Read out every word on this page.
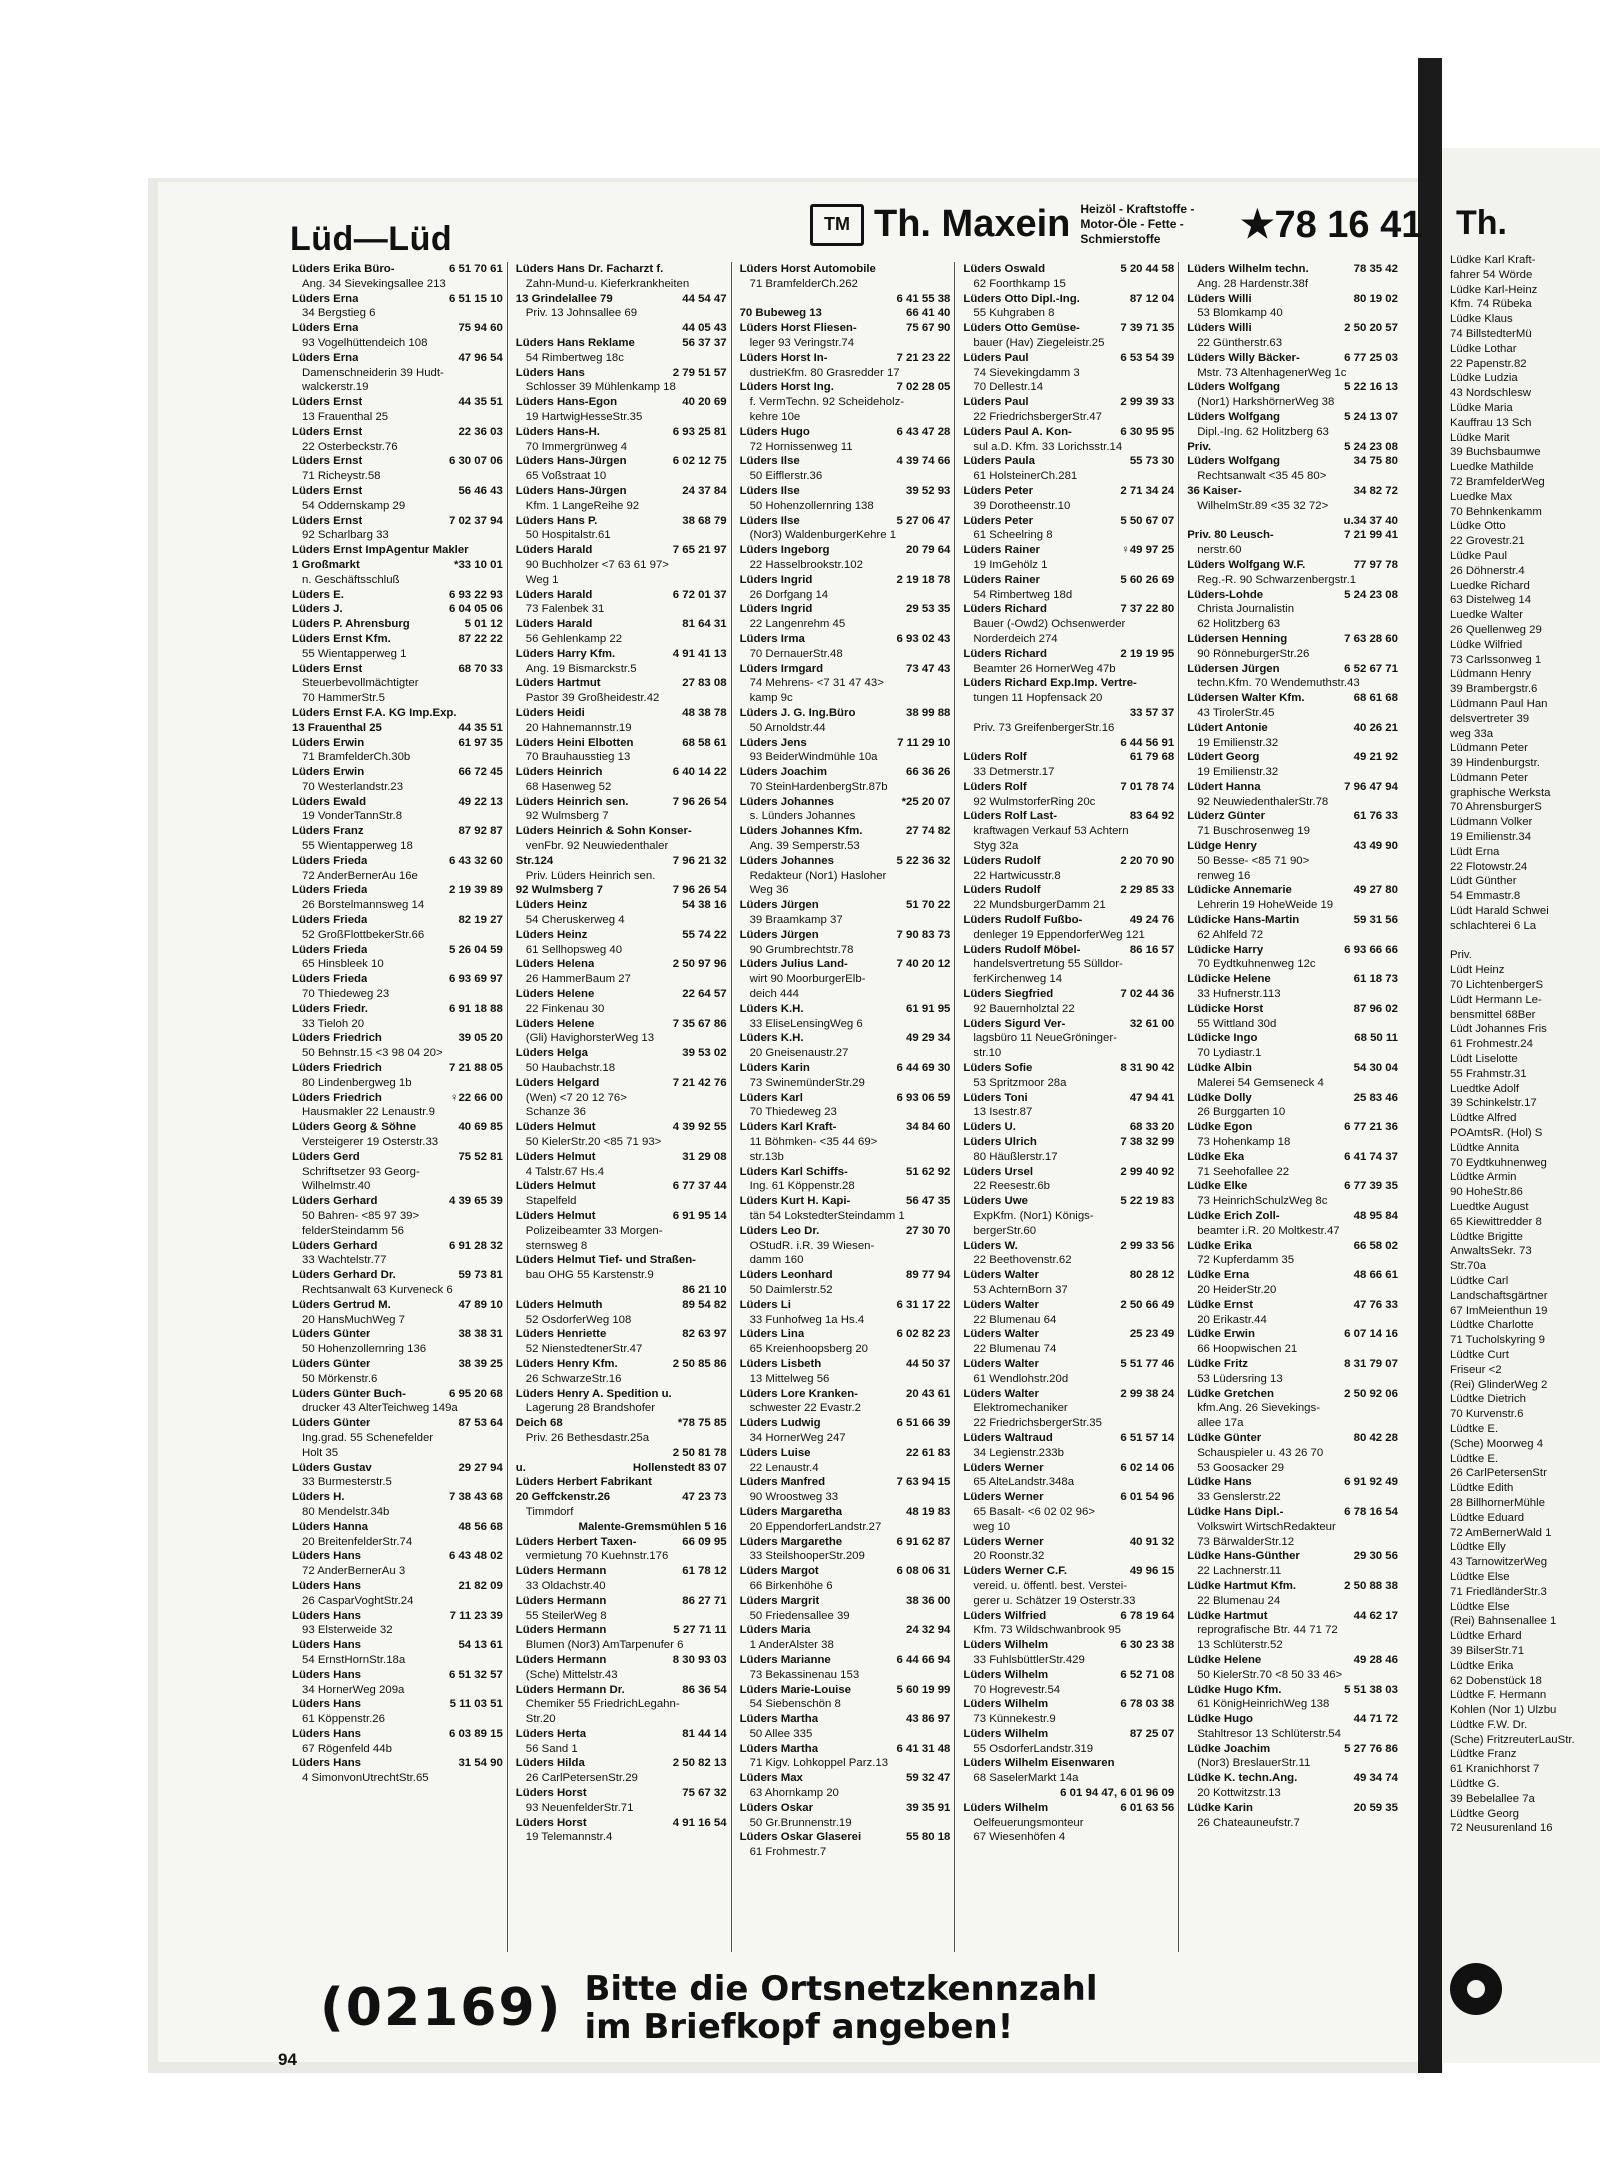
Lüd—Lüd	TM Th. Maxein Heizöl - Kraftstoffe - Motor-Öle - Fette - Schmierstoffe	★78 16 41
Lüders Erika Büro-	6 51 70 61
Ang. 34 Sievekingsallee 213
Lüders Erna	6 51 15 10
34 Bergstieg 6
Lüders Erna	75 94 60
93 Vogelhüttendeich 108
Lüders Erna	47 96 54
Damenschneiderin 39 Hudt-
walckerstr.19
Lüders Ernst	44 35 51
13 Frauenthal 25
Lüders Ernst	22 36 03
22 Osterbeckstr.76
Lüders Ernst	6 30 07 06
71 Richeystr.58
Lüders Ernst	56 46 43
54 Oddernskamp 29
Lüders Ernst	7 02 37 94
92 Scharlbarg 33
Lüders Ernst ImpAgentur Makler
1 Großmarkt	*33 10 01
n. Geschäftsschluß
Lüders E.	6 93 22 93
Lüders J.	6 04 05 06
Lüders P. Ahrensburg	5 01 12
Lüders Ernst Kfm.	87 22 22
55 Wientapperweg 1
Lüders Ernst	68 70 33
Steuerbevollmächtigter
70 HammerStr.5
Lüders Ernst F.A. KG Imp.Exp.
13 Frauenthal 25	44 35 51
Lüders Erwin	61 97 35
71 BramfelderCh.30b
Lüders Erwin	66 72 45
70 Westerlandstr.23
Lüders Ewald	49 22 13
19 VonderTannStr.8
Lüders Franz	87 92 87
55 Wientapperweg 18
Lüders Frieda	6 43 32 60
72 AnderBernerAu 16e
Lüders Frieda	2 19 39 89
26 Borstelmannsweg 14
Lüders Frieda	82 19 27
52 GroßFlottbekerStr.66
Lüders Frieda	5 26 04 59
65 Hinsbleek 10
Lüders Frieda	6 93 69 97
70 Thiedeweg 23
Lüders Friedr.	6 91 18 88
33 Tieloh 20
Lüders Friedrich	39 05 20
50 Behnstr.15 <3 98 04 20>
Lüders Friedrich	7 21 88 05
80 Lindenbergweg 1b
Lüders Friedrich	♀22 66 00
Hausmakler 22 Lenaustr.9
Lüders Georg & Söhne	40 69 85
Versteigerer 19 Osterstr.33
Lüders Gerd	75 52 81
Schriftsetzer 93 Georg-
Wilhelmstr.40
Lüders Gerhard	4 39 65 39
50 Bahren- <85 97 39>
felderSteindamm 56
Lüders Gerhard	6 91 28 32
33 Wachtelstr.77
Lüders Gerhard Dr.	59 73 81
Rechtsanwalt 63 Kurveneck 6
Lüders Gertrud M.	47 89 10
20 HansMuchWeg 7
Lüders Günter	38 38 31
50 Hohenzollernring 136
Lüders Günter	38 39 25
50 Mörkenstr.6
Lüders Günter Buch-	6 95 20 68
drucker 43 AlterTeichweg 149a
Lüders Günter	87 53 64
Ing.grad. 55 Schenefelder
Holt 35
Lüders Gustav	29 27 94
33 Burmesterstr.5
Lüders H.	7 38 43 68
80 Mendelstr.34b
Lüders Hanna	48 56 68
20 BreitenfelderStr.74
Lüders Hans	6 43 48 02
72 AnderBernerAu 3
Lüders Hans	21 82 09
26 CasparVoghtStr.24
Lüders Hans	7 11 23 39
93 Elsterweide 32
Lüders Hans	54 13 61
54 ErnstHornStr.18a
Lüders Hans	6 51 32 57
34 HornerWeg 209a
Lüders Hans	5 11 03 51
61 Köppenstr.26
Lüders Hans	6 03 89 15
67 Rögenfeld 44b
Lüders Hans	31 54 90
4 SimonvonUtrechtStr.65
Lüders Hans Dr. Facharzt f.
Zahn-Mund-u. Kieferkrankheiten
13 Grindelallee 79	44 54 47
Priv. 13 Johnsallee 69
44 05 43
Lüders Hans Reklame	56 37 37
54 Rimbertweg 18c
Lüders Hans	2 79 51 57
Schlosser 39 Mühlenkamp 18
Lüders Hans-Egon	40 20 69
19 HartwigHesseStr.35
Lüders Hans-H.	6 93 25 81
70 Immergrünweg 4
Lüders Hans-Jürgen	6 02 12 75
65 Voßstraat 10
Lüders Hans-Jürgen	24 37 84
Kfm. 1 LangeReihe 92
Lüders Hans P.	38 68 79
50 Hospitalstr.61
Lüders Harald	7 65 21 97
90 Buchholzer <7 63 61 97>
Weg 1
Lüders Harald	6 72 01 37
73 Falenbek 31
Lüders Harald	81 64 31
56 Gehlenkamp 22
Lüders Harry Kfm.	4 91 41 13
Ang. 19 Bismarckstr.5
Lüders Hartmut	27 83 08
Pastor 39 Großheidestr.42
Lüders Heidi	48 38 78
20 Hahnemannstr.19
Lüders Heini Elbotten	68 58 61
70 Brauhausstieg 13
Lüders Heinrich	6 40 14 22
68 Hasenweg 52
Lüders Heinrich sen.	7 96 26 54
92 Wulmsberg 7
Lüders Heinrich & Sohn Konser-
venFbr. 92 Neuwiedenthaler
Str.124	7 96 21 32
Priv. Lüders Heinrich sen.
92 Wulmsberg 7	7 96 26 54
Lüders Heinz	54 38 16
54 Cheruskerweg 4
Lüders Heinz	55 74 22
61 Sellhopsweg 40
Lüders Helena	2 50 97 96
26 HammerBaum 27
Lüders Helene	22 64 57
22 Finkenau 30
Lüders Helene	7 35 67 86
(Gli) HavighorsterWeg 13
Lüders Helga	39 53 02
50 Haubachstr.18
Lüders Helgard	7 21 42 76
(Wen) <7 20 12 76>
Schanze 36
Lüders Helmut	4 39 92 55
50 KielerStr.20 <85 71 93>
Lüders Helmut	31 29 08
4 Talstr.67 Hs.4
Lüders Helmut	6 77 37 44
Stapelfeld
Lüders Helmut	6 91 95 14
Polizeibeamter 33 Morgen-
sternsweg 8
Lüders Helmut Tief- und Straßen-
bau OHG 55 Karstenstr.9
86 21 10
Lüders Helmuth	89 54 82
52 OsdorferWeg 108
Lüders Henriette	82 63 97
52 NienstedtenerStr.47
Lüders Henry Kfm.	2 50 85 86
26 SchwarzeStr.16
Lüders Henry A. Spedition u.
Lagerung 28 Brandshofer
Deich 68	*78 75 85
Priv. 26 Bethesdastr.25a
2 50 81 78
u.	Hollenstedt 83 07
Lüders Herbert Fabrikant
20 Geffckenstr.26	47 23 73
Timmdorf
Malente-Gremsmühlen 5 16
Lüders Herbert Taxen-	66 09 95
vermietung 70 Kuehnstr.176
Lüders Hermann	61 78 12
33 Oldachstr.40
Lüders Hermann	86 27 71
55 SteilerWeg 8
Lüders Hermann	5 27 71 11
Blumen (Nor3) AmTarpenufer 6
Lüders Hermann	8 30 93 03
(Sche) Mittelstr.43
Lüders Hermann Dr.	86 36 54
Chemiker 55 FriedrichLegahn-
Str.20
Lüders Herta	81 44 14
56 Sand 1
Lüders Hilda	2 50 82 13
26 CarlPetersenStr.29
Lüders Horst	75 67 32
93 NeuenfelderStr.71
Lüders Horst	4 91 16 54
19 Telemannstr.4
Lüders Horst Automobile
71 BramfelderCh.262
6 41 55 38
70 Bubeweg 13	66 41 40
Lüders Horst Fliesen-	75 67 90
leger 93 Veringstr.74
Lüders Horst In-	7 21 23 22
dustrieKfm. 80 Grasredder 17
Lüders Horst Ing.	7 02 28 05
f. VermTechn. 92 Scheideholz-
kehre 10e
Lüders Hugo	6 43 47 28
72 Hornissenweg 11
Lüders Ilse	4 39 74 66
50 Eifflerstr.36
Lüders Ilse	39 52 93
50 Hohenzollernring 138
Lüders Ilse	5 27 06 47
(Nor3) WaldenburgerKehre 1
Lüders Ingeborg	20 79 64
22 Hasselbrookstr.102
Lüders Ingrid	2 19 18 78
26 Dorfgang 14
Lüders Ingrid	29 53 35
22 Langenrehm 45
Lüders Irma	6 93 02 43
70 DernauerStr.48
Lüders Irmgard	73 47 43
74 Mehrens- <7 31 47 43>
kamp 9c
Lüders J. G. Ing.Büro	38 99 88
50 Arnoldstr.44
Lüders Jens	7 11 29 10
93 BeiderWindmühle 10a
Lüders Joachim	66 36 26
70 SteinHardenbergStr.87b
Lüders Johannes	*25 20 07
s. Lünders Johannes
Lüders Johannes Kfm.	27 74 82
Ang. 39 Semperstr.53
Lüders Johannes	5 22 36 32
Redakteur (Nor1) Hasloher
Weg 36
Lüders Jürgen	51 70 22
39 Braamkamp 37
Lüders Jürgen	7 90 83 73
90 Grumbrechtstr.78
Lüders Julius Land-	7 40 20 12
wirt 90 MoorburgerElb-
deich 444
Lüders K.H.	61 91 95
33 EliseLensingWeg 6
Lüders K.H.	49 29 34
20 Gneisenaustr.27
Lüders Karin	6 44 69 30
73 SwinemünderStr.29
Lüders Karl	6 93 06 59
70 Thiedeweg 23
Lüders Karl Kraft-	34 84 60
11 Böhmken- <35 44 69>
str.13b
Lüders Karl Schiffs-	51 62 92
Ing. 61 Köppenstr.28
Lüders Kurt H. Kapi-	56 47 35
tän 54 LokstedterSteindamm 1
Lüders Leo Dr.	27 30 70
OStudR. i.R. 39 Wiesen-
damm 160
Lüders Leonhard	89 77 94
50 Daimlerstr.52
Lüders Li	6 31 17 22
33 Funhofweg 1a Hs.4
Lüders Lina	6 02 82 23
65 Kreienhoopsberg 20
Lüders Lisbeth	44 50 37
13 Mittelweg 56
Lüders Lore Kranken-	20 43 61
schwester 22 Evastr.2
Lüders Ludwig	6 51 66 39
34 HornerWeg 247
Lüders Luise	22 61 83
22 Lenaustr.4
Lüders Manfred	7 63 94 15
90 Wroostweg 33
Lüders Margaretha	48 19 83
20 EppendorferLandstr.27
Lüders Margarethe	6 91 62 87
33 SteilshooperStr.209
Lüders Margot	6 08 06 31
66 Birkenhöhe 6
Lüders Margrit	38 36 00
50 Friedensallee 39
Lüders Maria	24 32 94
1 AnderAlster 38
Lüders Marianne	6 44 66 94
73 Bekassinenau 153
Lüders Marie-Louise	5 60 19 99
54 Siebenschön 8
Lüders Martha	43 86 97
50 Allee 335
Lüders Martha	6 41 31 48
71 Kigv. Lohkoppel Parz.13
Lüders Max	59 32 47
63 Ahornkamp 20
Lüders Oskar	39 35 91
50 Gr.Brunnenstr.19
Lüders Oskar Glaserei	55 80 18
61 Frohmestr.7
Lüders Oswald	5 20 44 58
62 Foorthkamp 15
Lüders Otto Dipl.-Ing.	87 12 04
55 Kuhgraben 8
Lüders Otto Gemüse-	7 39 71 35
bauer (Hav) Ziegeleistr.25
Lüders Paul	6 53 54 39
74 Sievekingdamm 3
70 Dellestr.14
Lüders Paul	2 99 39 33
22 FriedrichsbergerStr.47
Lüders Paul A. Kon-	6 30 95 95
sul a.D. Kfm. 33 Lorichsstr.14
Lüders Paula	55 73 30
61 HolsteinerCh.281
Lüders Peter	2 71 34 24
39 Dorotheenstr.10
Lüders Peter	5 50 67 07
61 Scheelring 8
Lüders Rainer	♀49 97 25
19 ImGehölz 1
Lüders Rainer	5 60 26 69
54 Rimbertweg 18d
Lüders Richard	7 37 22 80
Bauer (-Owd2) Ochsenwerder
Norderdeich 274
Lüders Richard	2 19 19 95
Beamter 26 HornerWeg 47b
Lüders Richard Exp.Imp. Vertre-
tungen 11 Hopfensack 20
33 57 37
Priv. 73 GreifenbergerStr.16
6 44 56 91
Lüders Rolf	61 79 68
33 Detmerstr.17
Lüders Rolf	7 01 78 74
92 WulmstorferRing 20c
Lüders Rolf Last-	83 64 92
kraftwagen Verkauf 53 Achtern
Styg 32a
Lüders Rudolf	2 20 70 90
22 Hartwicusstr.8
Lüders Rudolf	2 29 85 33
22 MundsburgerDamm 21
Lüders Rudolf Fußbo-	49 24 76
denleger 19 EppendorferWeg 121
Lüders Rudolf Möbel-	86 16 57
handelsvertretung 55 Sülldor-
ferKirchenweg 14
Lüders Siegfried	7 02 44 36
92 Bauernholztal 22
Lüders Sigurd Ver-	32 61 00
lagsbüro 11 NeueGröninger-
str.10
Lüders Sofie	8 31 90 42
53 Spritzmoor 28a
Lüders Toni	47 94 41
13 Isestr.87
Lüders U.	68 33 20
Lüders Ulrich	7 38 32 99
80 Häußlerstr.17
Lüders Ursel	2 99 40 92
22 Reesestr.6b
Lüders Uwe	5 22 19 83
ExpKfm. (Nor1) Königs-
bergerStr.60
Lüders W.	2 99 33 56
22 Beethovenstr.62
Lüders Walter	80 28 12
53 AchternBorn 37
Lüders Walter	2 50 66 49
22 Blumenau 64
Lüders Walter	25 23 49
22 Blumenau 74
Lüders Walter	5 51 77 46
61 Wendlohstr.20d
Lüders Walter	2 99 38 24
Elektromechaniker
22 FriedrichsbergerStr.35
Lüders Waltraud	6 51 57 14
34 Legienstr.233b
Lüders Werner	6 02 14 06
65 AlteLandstr.348a
Lüders Werner	6 01 54 96
65 Basalt- <6 02 02 96>
weg 10
Lüders Werner	40 91 32
20 Roonstr.32
Lüders Werner C.F.	49 96 15
vereid. u. öffentl. best. Verstei-
gerer u. Schätzer 19 Osterstr.33
Lüders Wilfried	6 78 19 64
Kfm. 73 Wildschwanbrook 95
Lüders Wilhelm	6 30 23 38
33 FuhlsbüttlerStr.429
Lüders Wilhelm	6 52 71 08
70 Hogrevestr.54
Lüders Wilhelm	6 78 03 38
73 Künnekestr.9
Lüders Wilhelm	87 25 07
55 OsdorferLandstr.319
Lüders Wilhelm Eisenwaren
68 SaselerMarkt 14a
6 01 94 47, 6 01 96 09
Lüders Wilhelm	6 01 63 56
Oelfeuerungsmonteur
67 Wiesenhöfen 4
Lüders Wilhelm techn.	78 35 42
Ang. 28 Hardenstr.38f
Lüders Willi	80 19 02
53 Blomkamp 40
Lüders Willi	2 50 20 57
22 Güntherstr.63
Lüders Willy Bäcker-	6 77 25 03
Mstr. 73 AltenhagenerWeg 1c
Lüders Wolfgang	5 22 16 13
(Nor1) HarkshörnerWeg 38
Lüders Wolfgang	5 24 13 07
Dipl.-Ing. 62 Holitzberg 63
Priv.	5 24 23 08
Lüders Wolfgang	34 75 80
Rechtsanwalt <35 45 80>
36 Kaiser-	34 82 72
WilhelmStr.89 <35 32 72>
u.34 37 40
Priv. 80 Leusch-	7 21 99 41
nerstr.60
Lüders Wolfgang W.F.	77 97 78
Reg.-R. 90 Schwarzenbergstr.1
Lüders-Lohde	5 24 23 08
Christa Journalistin
62 Holitzberg 63
Lüdersen Henning	7 63 28 60
90 RönneburgerStr.26
Lüdersen Jürgen	6 52 67 71
techn.Kfm. 70 Wendemuthstr.43
Lüdersen Walter Kfm.	68 61 68
43 TirolerStr.45
Lüdert Antonie	40 26 21
19 Emilienstr.32
Lüdert Georg	49 21 92
19 Emilienstr.32
Lüdert Hanna	7 96 47 94
92 NeuwiedenthalerStr.78
Lüderz Günter	61 76 33
71 Buschrosenweg 19
Lüdge Henry	43 49 90
50 Besse- <85 71 90>
renweg 16
Lüdicke Annemarie	49 27 80
Lehrerin 19 HoheWeide 19
Lüdicke Hans-Martin	59 31 56
62 Ahlfeld 72
Lüdicke Harry	6 93 66 66
70 Eydtkuhnenweg 12c
Lüdicke Helene	61 18 73
33 Hufnerstr.113
Lüdicke Horst	87 96 02
55 Wittland 30d
Lüdicke Ingo	68 50 11
70 Lydiastr.1
Lüdke Albin	54 30 04
Malerei 54 Gemseneck 4
Lüdke Dolly	25 83 46
26 Burggarten 10
Lüdke Egon	6 77 21 36
73 Hohenkamp 18
Lüdke Eka	6 41 74 37
71 Seehofallee 22
Lüdke Elke	6 77 39 35
73 HeinrichSchulzWeg 8c
Lüdke Erich Zoll-	48 95 84
beamter i.R. 20 Moltkestr.47
Lüdke Erika	66 58 02
72 Kupferdamm 35
Lüdke Erna	48 66 61
20 HeiderStr.20
Lüdke Ernst	47 76 33
20 Erikastr.44
Lüdke Erwin	6 07 14 16
66 Hoopwischen 21
Lüdke Fritz	8 31 79 07
53 Lüdersring 13
Lüdke Gretchen	2 50 92 06
kfm.Ang. 26 Sievekings-
allee 17a
Lüdke Günter	80 42 28
Schauspieler u. 43 26 70
53 Goosacker 29
Lüdke Hans	6 91 92 49
33 Genslerstr.22
Lüdke Hans Dipl.-	6 78 16 54
Volkswirt WirtschRedakteur
73 BärwalderStr.12
Lüdke Hans-Günther	29 30 56
22 Lachnerstr.11
Lüdke Hartmut Kfm.	2 50 88 38
22 Blumenau 24
Lüdke Hartmut	44 62 17
reprografische Btr. 44 71 72
13 Schlüterstr.52
Lüdke Helene	49 28 46
50 KielerStr.70 <8 50 33 46>
Lüdke Hugo Kfm.	5 51 38 03
61 KönigHeinrichWeg 138
Lüdke Hugo	44 71 72
Stahltresor 13 Schlüterstr.54
Lüdke Joachim	5 27 76 86
(Nor3) BreslauerStr.11
Lüdke K. techn.Ang.	49 34 74
20 Kottwitzstr.13
Lüdke Karin	20 59 35
26 Chateauneufstr.7
(02169) Bitte die Ortsnetzkennzahl
im Briefkopf angeben!
94
Th.
Lüdke Karl Kraft-
fahrer 54 Wörde
Lüdke Karl-Heinz
Kfm. 74 Rübeka
Lüdke Klaus
74 BillstedterMü
Lüdke Lothar
22 Papenstr.82
Lüdke Ludzia
43 Nordschlesw
Lüdke Maria
Kauffrau 13 Sch
Lüdke Marit
39 Buchsbaumwe
Luedke Mathilde
72 BramfelderWeg
Luedke Max
70 Behnkenkamm
Lüdke Otto
22 Grovestr.21
Lüdke Paul
26 Döhnerstr.4
Luedke Richard
63 Distelweg 14
Luedke Walter
26 Quellenweg 29
Lüdke Wilfried
73 Carlssonweg 1
Lüdmann Henry
39 Brambergstr.6
Lüdmann Paul Han
delsvertreter 39
weg 33a
Lüdmann Peter
39 Hindenburgstr.
Lüdmann Peter
graphische Werksta
70 AhrensburgerS
Lüdmann Volker
19 Emilienstr.34
Lüdt Erna
22 Flotowstr.24
Lüdt Günther
54 Emmastr.8
Lüdt Harald Schwei
schlachterei 6 La

Priv.
Lüdt Heinz
70 LichtenbergerS
Lüdt Hermann Le-
bensmittel 68Ber
Lüdt Johannes Fris
61 Frohmestr.24
Lüdt Liselotte
55 Frahmstr.31
Luedtke Adolf
39 Schinkelstr.17
Lüdtke Alfred
POAmtsR. (Hol) S
Lüdtke Annita
70 Eydtkuhnenweg
Lüdtke Armin
90 HoheStr.86
Luedtke August
65 Kiewittredder 8
Lüdtke Brigitte
AnwaltsSekr. 73
Str.70a
Lüdtke Carl
Landschaftsgärtner
67 ImMeienthun 19
Lüdtke Charlotte
71 Tucholskyring 9
Lüdtke Curt
Friseur <2
(Rei) GlinderWeg 2
Lüdtke Dietrich
70 Kurvenstr.6
Lüdtke E.
(Sche) Moorweg 4
Lüdtke E.
26 CarlPetersenStr
Lüdtke Edith
28 BillhornerMühle
Lüdtke Eduard
72 AmBernerWald 1
Lüdtke Elly
43 TarnowitzerWeg
Lüdtke Else
71 FriedländerStr.3
Lüdtke Else
(Rei) Bahnsenallee 1
Lüdtke Erhard
39 BilserStr.71
Lüdtke Erika
62 Dobenstück 18
Lüdtke F. Hermann
Kohlen (Nor 1) Ulzbu
Lüdtke F.W. Dr.
(Sche) FritzreuterLauStr.
Lüdtke Franz
61 Kranichhorst 7
Lüdtke G.
39 Bebelallee 7a
Lüdtke Georg
72 Neusurenland 16
